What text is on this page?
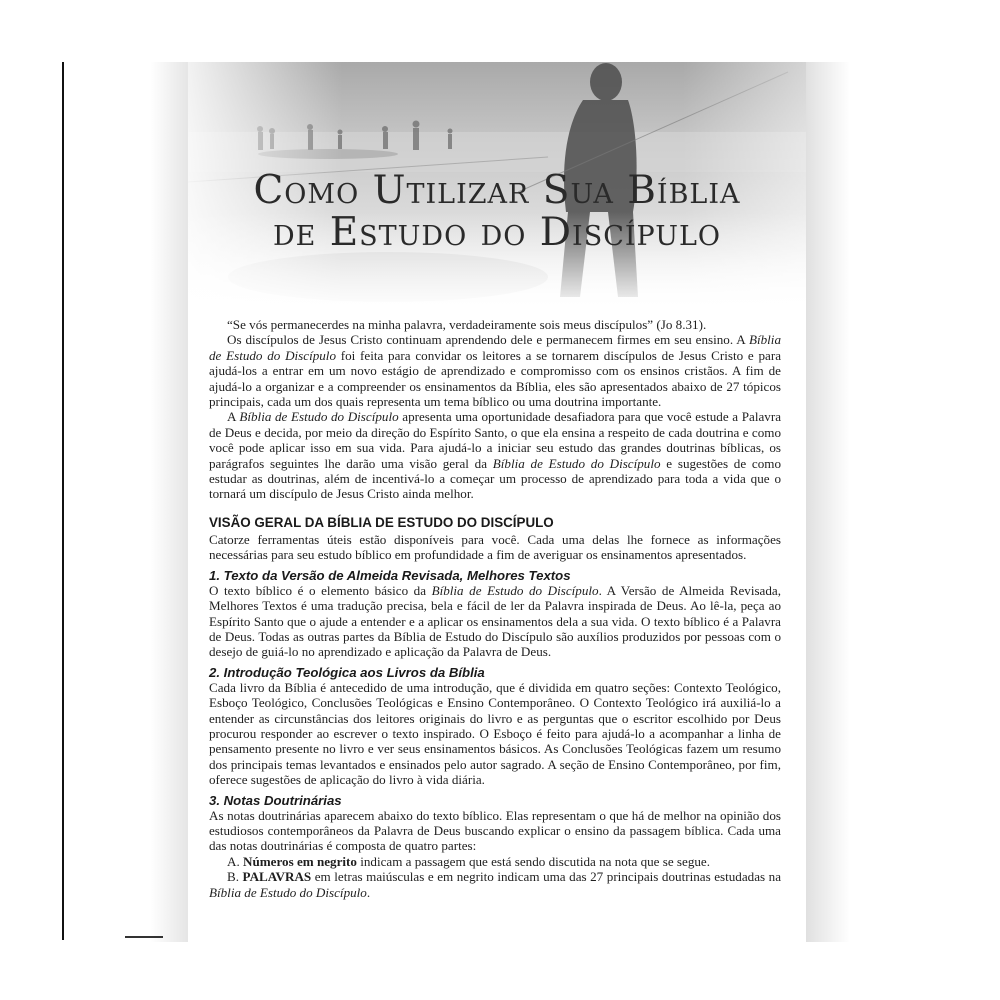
Como Utilizar Sua Bíblia
de Estudo do Discípulo

“Se vós permanecerdes na minha palavra, verdadeiramente sois meus discípulos” (Jo 8.31).

Os discípulos de Jesus Cristo continuam aprendendo dele e permanecem firmes em seu ensino. A Bíblia de Estudo do Discípulo foi feita para convidar os leitores a se tornarem discípulos de Jesus Cristo e para ajudá-los a entrar em um novo estágio de aprendizado e compromisso com os ensinos cristãos. A fim de ajudá-lo a organizar e a compreender os ensinamentos da Bíblia, eles são apresentados abaixo de 27 tópicos principais, cada um dos quais representa um tema bíblico ou uma doutrina importante.

A Bíblia de Estudo do Discípulo apresenta uma oportunidade desafiadora para que você estude a Palavra de Deus e decida, por meio da direção do Espírito Santo, o que ela ensina a respeito de cada doutrina e como você pode aplicar isso em sua vida. Para ajudá-lo a iniciar seu estudo das grandes doutrinas bíblicas, os parágrafos seguintes lhe darão uma visão geral da Bíblia de Estudo do Discípulo e sugestões de como estudar as doutrinas, além de incentivá-lo a começar um processo de aprendizado para toda a vida que o tornará um discípulo de Jesus Cristo ainda melhor.

VISÃO GERAL DA BÍBLIA DE ESTUDO DO DISCÍPULO

Catorze ferramentas úteis estão disponíveis para você. Cada uma delas lhe fornece as informações necessárias para seu estudo bíblico em profundidade a fim de averiguar os ensinamentos apresentados.

1. Texto da Versão de Almeida Revisada, Melhores Textos

O texto bíblico é o elemento básico da Bíblia de Estudo do Discípulo. A Versão de Almeida Revisada, Melhores Textos é uma tradução precisa, bela e fácil de ler da Palavra inspirada de Deus. Ao lê-la, peça ao Espírito Santo que o ajude a entender e a aplicar os ensinamentos dela a sua vida. O texto bíblico é a Palavra de Deus. Todas as outras partes da Bíblia de Estudo do Discípulo são auxílios produzidos por pessoas com o desejo de guiá-lo no aprendizado e aplicação da Palavra de Deus.

2. Introdução Teológica aos Livros da Bíblia

Cada livro da Bíblia é antecedido de uma introdução, que é dividida em quatro seções: Contexto Teológico, Esboço Teológico, Conclusões Teológicas e Ensino Contemporâneo. O Contexto Teológico irá auxiliá-lo a entender as circunstâncias dos leitores originais do livro e as perguntas que o escritor escolhido por Deus procurou responder ao escrever o texto inspirado. O Esboço é feito para ajudá-lo a acompanhar a linha de pensamento presente no livro e ver seus ensinamentos básicos. As Conclusões Teológicas fazem um resumo dos principais temas levantados e ensinados pelo autor sagrado. A seção de Ensino Contemporâneo, por fim, oferece sugestões de aplicação do livro à vida diária.

3. Notas Doutrinárias

As notas doutrinárias aparecem abaixo do texto bíblico. Elas representam o que há de melhor na opinião dos estudiosos contemporâneos da Palavra de Deus buscando explicar o ensino da passagem bíblica. Cada uma das notas doutrinárias é composta de quatro partes:

A. Números em negrito indicam a passagem que está sendo discutida na nota que se segue.

B. PALAVRAS em letras maiúsculas e em negrito indicam uma das 27 principais doutrinas estudadas na Bíblia de Estudo do Discípulo.
